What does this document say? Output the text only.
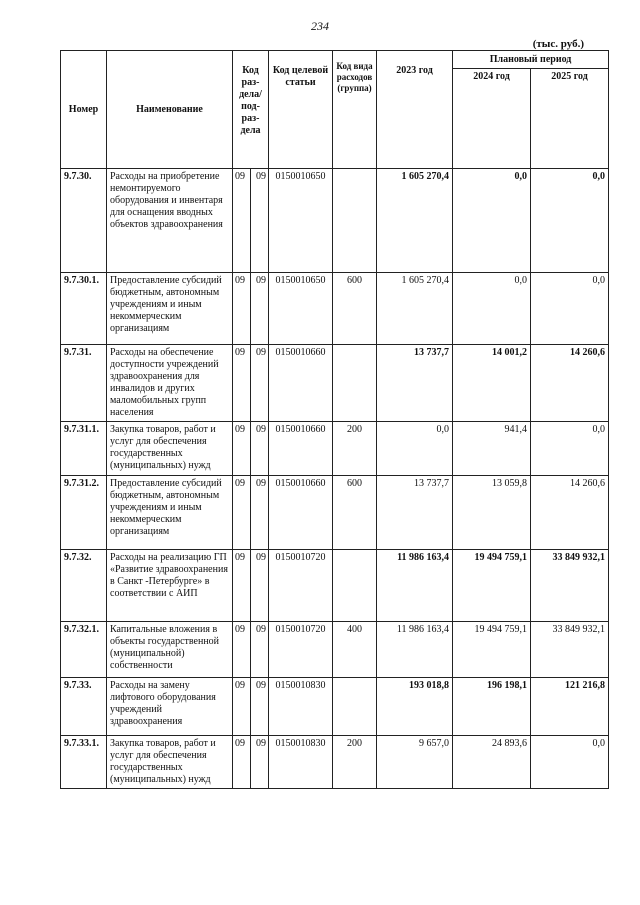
234
(тыс. руб.)
Номер	Наименование	Код раз-дела/ под-раз-дела		Код целевой статьи	Код вида расходов (группа)	2023 год	Плановый период	
							2024 год	2025 год
9.7.30.	Расходы на приобретение немонтируемого оборудования и инвентаря для оснащения вводных объектов здравоохранения	09	09	0150010650		1 605 270,4	0,0	0,0
9.7.30.1.	Предоставление субсидий бюджетным, автономным учреждениям и иным некоммерческим организациям	09	09	0150010650	600	1 605 270,4	0,0	0,0
9.7.31.	Расходы на обеспечение доступности учреждений здравоохранения для инвалидов и других маломобильных групп населения	09	09	0150010660		13 737,7	14 001,2	14 260,6
9.7.31.1.	Закупка товаров, работ и услуг для обеспечения государственных (муниципальных) нужд	09	09	0150010660	200	0,0	941,4	0,0
9.7.31.2.	Предоставление субсидий бюджетным, автономным учреждениям и иным некоммерческим организациям	09	09	0150010660	600	13 737,7	13 059,8	14 260,6
9.7.32.	Расходы на реализацию ГП «Развитие здравоохранения в Санкт -Петербурге» в соответствии с АИП	09	09	0150010720		11 986 163,4	19 494 759,1	33 849 932,1
9.7.32.1.	Капитальные вложения в объекты государственной (муниципальной) собственности	09	09	0150010720	400	11 986 163,4	19 494 759,1	33 849 932,1
9.7.33.	Расходы на замену лифтового оборудования учреждений здравоохранения	09	09	0150010830		193 018,8	196 198,1	121 216,8
9.7.33.1.	Закупка товаров, работ и услуг для обеспечения государственных (муниципальных) нужд	09	09	0150010830	200	9 657,0	24 893,6	0,0
